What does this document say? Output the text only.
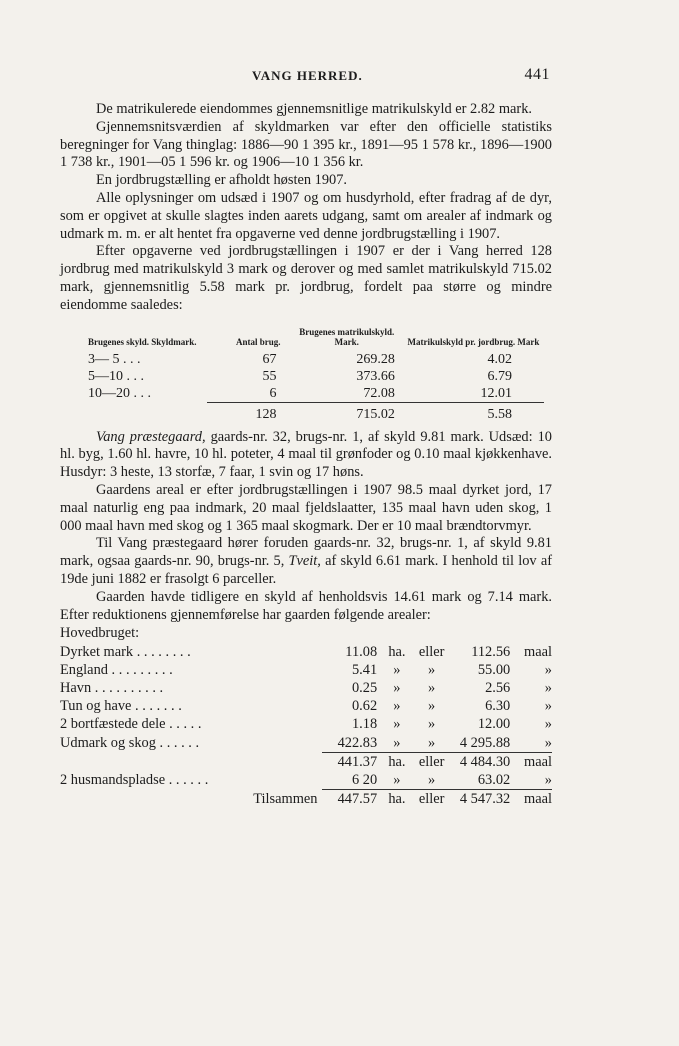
VANG HERRED.	441

De matrikulerede eiendommes gjennemsnitlige matrikulskyld er 2.82 mark.

Gjennemsnitsværdien af skyldmarken var efter den officielle statistiks beregninger for Vang thinglag: 1886—90 1 395 kr., 1891—95 1 578 kr., 1896—1900 1 738 kr., 1901—05 1 596 kr. og 1906—10 1 356 kr.

En jordbrugstælling er afholdt høsten 1907.

Alle oplysninger om udsæd i 1907 og om husdyrhold, efter fradrag af de dyr, som er opgivet at skulle slagtes inden aarets udgang, samt om arealer af indmark og udmark m. m. er alt hentet fra opgaverne ved denne jordbrugstælling i 1907.

Efter opgaverne ved jordbrugstællingen i 1907 er der i Vang herred 128 jordbrug med matrikulskyld 3 mark og derover og med samlet matrikulskyld 715.02 mark, gjennemsnitlig 5.58 mark pr. jordbrug, fordelt paa større og mindre eiendomme saaledes:

Brugenes skyld. Skyldmark.	Antal brug.	Brugenes matrikulskyld. Mark.	Matrikulskyld pr. jordbrug. Mark
3— 5 . . .	67	269.28	4.02
5—10 . . .	55	373.66	6.79
10—20 . . .	6	72.08	12.01
	128	715.02	5.58

Vang præstegaard, gaards-nr. 32, brugs-nr. 1, af skyld 9.81 mark. Udsæd: 10 hl. byg, 1.60 hl. havre, 10 hl. poteter, 4 maal til grønfoder og 0.10 maal kjøkkenhave. Husdyr: 3 heste, 13 storfæ, 7 faar, 1 svin og 17 høns.

Gaardens areal er efter jordbrugstællingen i 1907 98.5 maal dyrket jord, 17 maal naturlig eng paa indmark, 20 maal fjeldslaatter, 135 maal havn uden skog, 1 000 maal havn med skog og 1 365 maal skogmark. Der er 10 maal brændtorvmyr.

Til Vang præstegaard hører foruden gaards-nr. 32, brugs-nr. 1, af skyld 9.81 mark, ogsaa gaards-nr. 90, brugs-nr. 5, Tveit, af skyld 6.61 mark. I henhold til lov af 19de juni 1882 er frasolgt 6 parceller.

Gaarden havde tidligere en skyld af henholdsvis 14.61 mark og 7.14 mark. Efter reduktionens gjennemførelse har gaarden følgende arealer:

Hovedbruget:					
Dyrket mark . . . . . . . .	11.08	ha.	eller	112.56	maal
England . . . . . . . . .	5.41	»	»	55.00	»
Havn . . . . . . . . . .	0.25	»	»	2.56	»
Tun og have . . . . . . .	0.62	»	»	6.30	»
2 bortfæstede dele . . . . .	1.18	»	»	12.00	»
Udmark og skog . . . . . .	422.83	»	»	4 295.88	»
	441.37	ha.	eller	4 484.30	maal
2 husmandspladse . . . . . .	6 20	»	»	63.02	»
Tilsammen	447.57	ha.	eller	4 547.32	maal
